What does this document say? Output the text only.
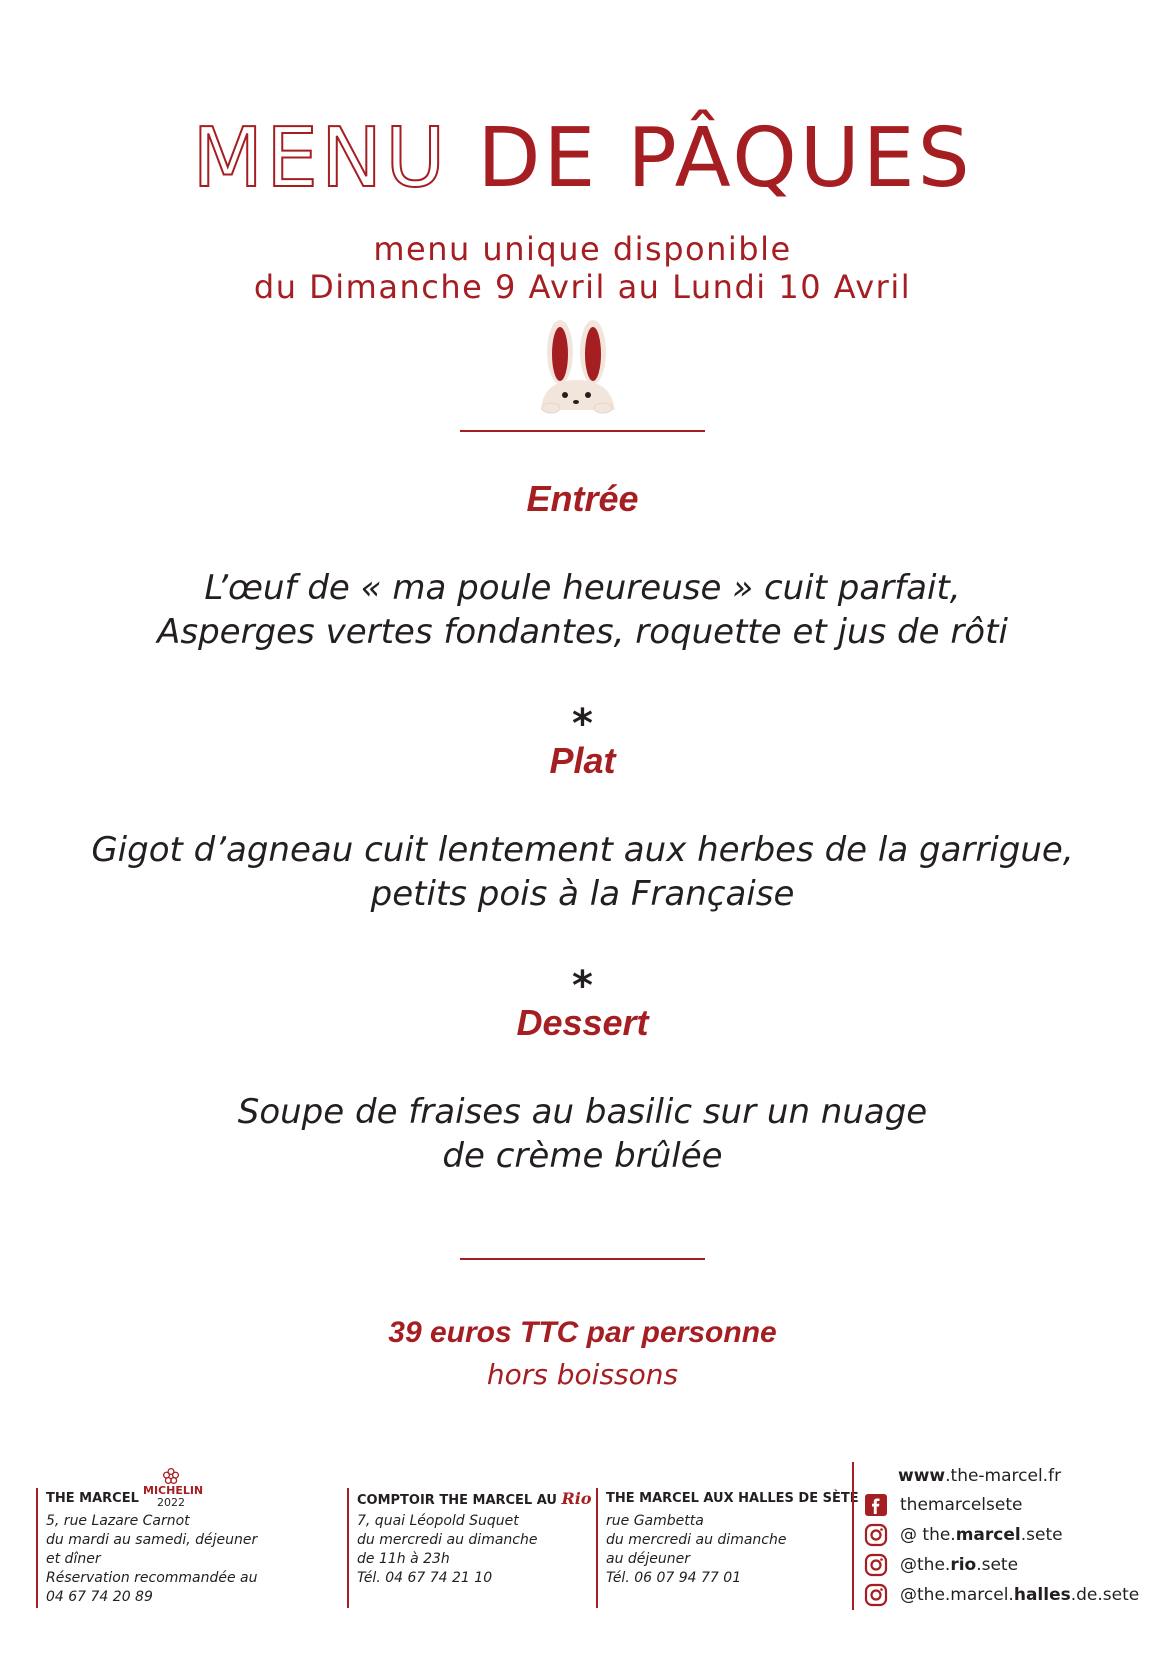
MENU DE PÂQUES
menu unique disponible
du Dimanche 9 Avril au Lundi 10 Avril
Entrée
L’œuf de « ma poule heureuse » cuit parfait,
Asperges vertes fondantes, roquette et jus de rôti
*
Plat
Gigot d’agneau cuit lentement aux herbes de la garrigue,
petits pois à la Française
*
Dessert
Soupe de fraises au basilic sur un nuage
de crème brûlée
39 euros TTC par personne
hors boissons
MICHELIN
2022
THE MARCEL
5, rue Lazare Carnot
du mardi au samedi, déjeuner
et dîner
Réservation recommandée au
04 67 74 20 89
COMPTOIR THE MARCEL AU Rio
7, quai Léopold Suquet
du mercredi au dimanche
de 11h à 23h
Tél. 04 67 74 21 10
THE MARCEL AUX HALLES DE SÈTE
rue Gambetta
du mercredi au dimanche
au déjeuner
Tél. 06 07 94 77 01
www.the-marcel.fr
themarcelsete
@ the.marcel.sete
@the.rio.sete
@the.marcel.halles.de.sete
